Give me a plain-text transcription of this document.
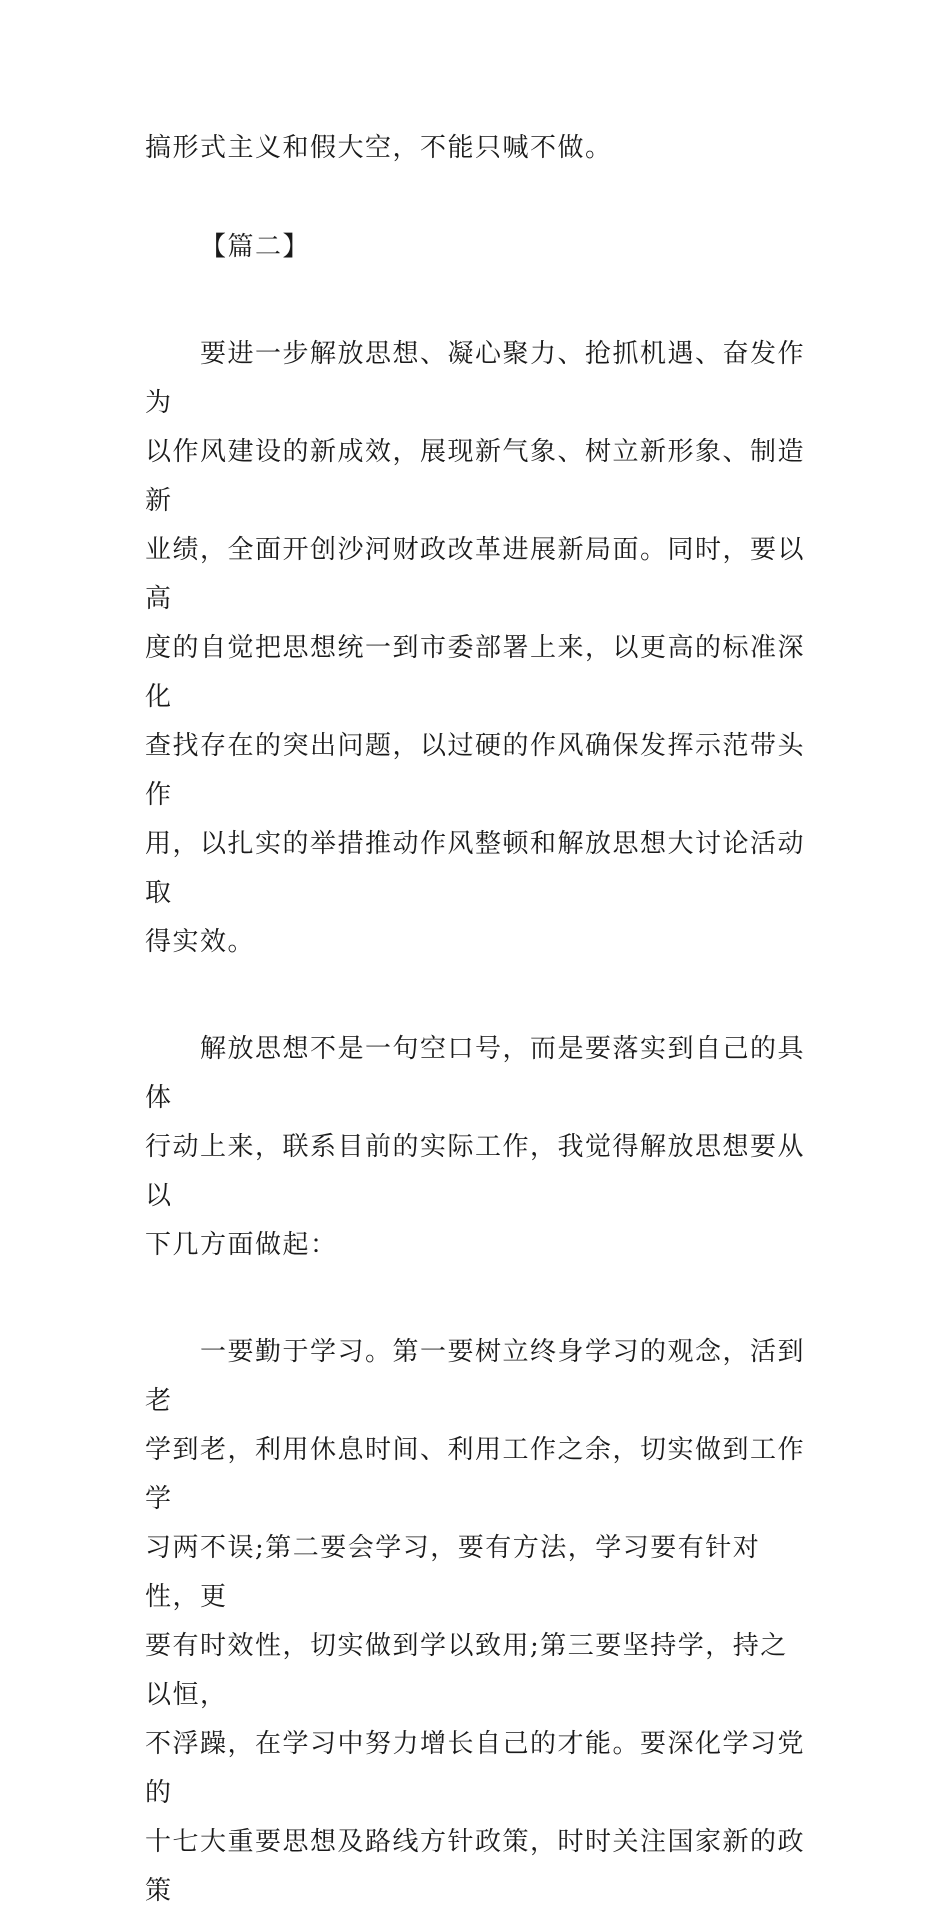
搞形式主义和假大空，不能只喊不做。

【篇二】

要进一步解放思想、凝心聚力、抢抓机遇、奋发作为
以作风建设的新成效，展现新气象、树立新形象、制造新
业绩，全面开创沙河财政改革进展新局面。同时，要以高
度的自觉把思想统一到市委部署上来，以更高的标准深化
查找存在的突出问题，以过硬的作风确保发挥示范带头作
用，以扎实的举措推动作风整顿和解放思想大讨论活动取
得实效。

解放思想不是一句空口号，而是要落实到自己的具体
行动上来，联系目前的实际工作，我觉得解放思想要从以
下几方面做起：

一要勤于学习。第一要树立终身学习的观念，活到老
学到老，利用休息时间、利用工作之余，切实做到工作学
习两不误;第二要会学习，要有方法，学习要有针对性，更
要有时效性，切实做到学以致用;第三要坚持学，持之以恒，
不浮躁，在学习中努力增长自己的才能。要深化学习党的
十七大重要思想及路线方针政策，时时关注国家新的政策
